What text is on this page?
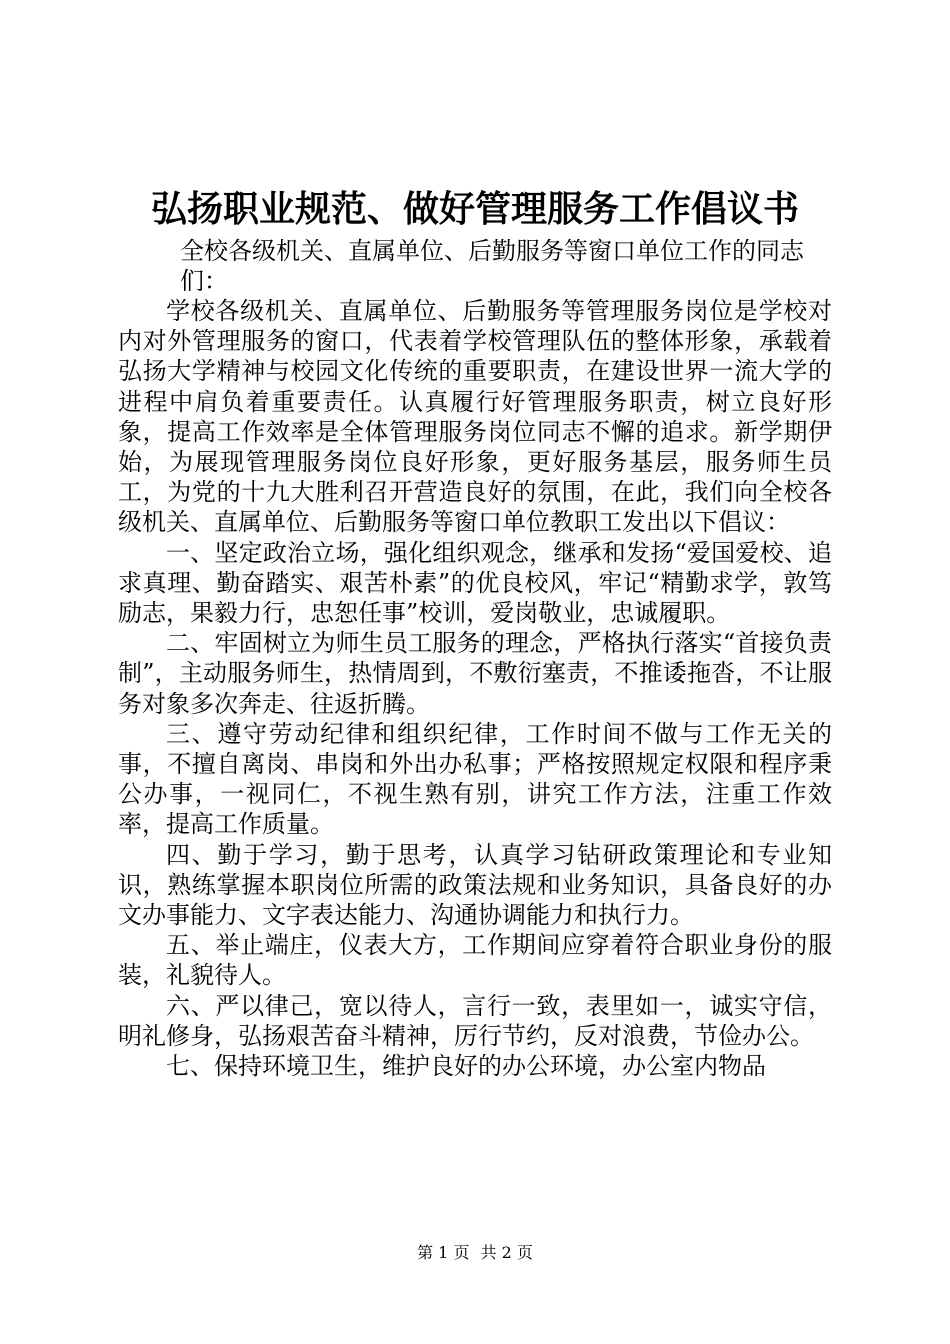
弘扬职业规范、做好管理服务工作倡议书
全校各级机关、直属单位、后勤服务等窗口单位工作的同志们：

学校各级机关、直属单位、后勤服务等管理服务岗位是学校对内对外管理服务的窗口，代表着学校管理队伍的整体形象，承载着弘扬大学精神与校园文化传统的重要职责，在建设世界一流大学的进程中肩负着重要责任。认真履行好管理服务职责，树立良好形象，提高工作效率是全体管理服务岗位同志不懈的追求。新学期伊始，为展现管理服务岗位良好形象，更好服务基层，服务师生员工，为党的十九大胜利召开营造良好的氛围，在此，我们向全校各级机关、直属单位、后勤服务等窗口单位教职工发出以下倡议：

一、坚定政治立场，强化组织观念，继承和发扬“爱国爱校、追求真理、勤奋踏实、艰苦朴素”的优良校风，牢记“精勤求学，敦笃励志，果毅力行，忠恕任事”校训，爱岗敬业，忠诚履职。

二、牢固树立为师生员工服务的理念，严格执行落实“首接负责制”，主动服务师生，热情周到，不敷衍塞责，不推诿拖沓，不让服务对象多次奔走、往返折腾。

三、遵守劳动纪律和组织纪律，工作时间不做与工作无关的事，不擅自离岗、串岗和外出办私事；严格按照规定权限和程序秉公办事，一视同仁，不视生熟有别，讲究工作方法，注重工作效率，提高工作质量。

四、勤于学习，勤于思考，认真学习钻研政策理论和专业知识，熟练掌握本职岗位所需的政策法规和业务知识，具备良好的办文办事能力、文字表达能力、沟通协调能力和执行力。

五、举止端庄，仪表大方，工作期间应穿着符合职业身份的服装，礼貌待人。

六、严以律己，宽以待人，言行一致，表里如一，诚实守信，明礼修身，弘扬艰苦奋斗精神，厉行节约，反对浪费，节俭办公。

七、保持环境卫生，维护良好的办公环境，办公室内物品

第 1 页 共 2 页
